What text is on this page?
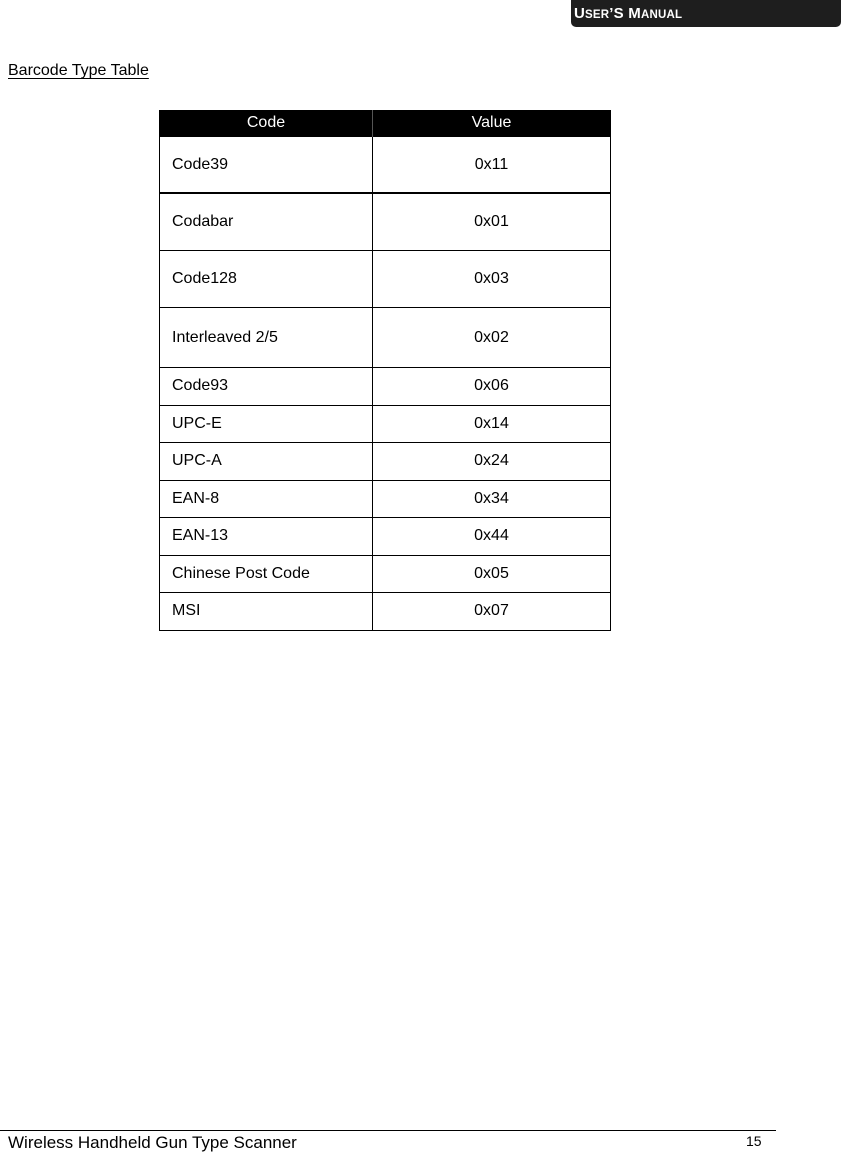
USER’S MANUAL
Barcode Type Table
Code	Value
Code39	0x11
Codabar	0x01
Code128	0x03
Interleaved 2/5	0x02
Code93	0x06
UPC-E	0x14
UPC-A	0x24
EAN-8	0x34
EAN-13	0x44
Chinese Post Code	0x05
MSI	0x07
Wireless Handheld Gun Type Scanner	15
